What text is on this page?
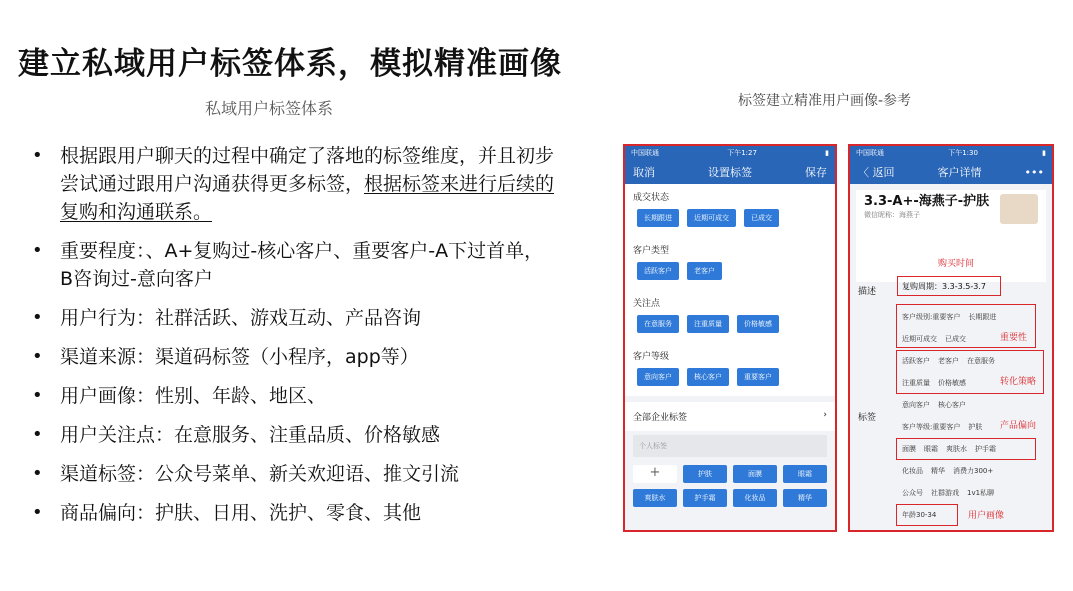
建立私域用户标签体系，模拟精准画像
私域用户标签体系	标签建立精准用户画像-参考
• 根据跟用户聊天的过程中确定了落地的标签维度，并且初步尝试通过跟用户沟通获得更多标签，根据标签来进行后续的复购和沟通联系。
• 重要程度：、A+复购过-核心客户、重要客户-A下过首单，B咨询过-意向客户
• 用户行为：社群活跃、游戏互动、产品咨询
• 渠道来源：渠道码标签（小程序，app等）
• 用户画像：性别、年龄、地区、
• 用户关注点：在意服务、注重品质、价格敏感
• 渠道标签：公众号菜单、新关欢迎语、推文引流
• 商品偏向：护肤、日用、洗护、零食、其他
中国联通	下午1:27	▮
取消	设置标签	保存
成交状态
长期跟进	近期可成交	已成交
客户类型
活跃客户	老客户
关注点
在意服务	注重质量	价格敏感
客户等级
意向客户	核心客户	重要客户
全部企业标签	›
个人标签
+	护肤	面膜	眼霜
爽肤水	护手霜	化妆品	精华
中国联通	下午1:30	▮
〈 返回	客户详情	•••
3.3-A+-海燕子-护肤
微信昵称：海燕子
购买时间
描述
复购周期：3.3-3.5-3.7
标签
客户级别:重要客户 长期跟进
近期可成交 已成交
活跃客户 老客户 在意服务
注重质量 价格敏感
意向客户 核心客户
客户等级:重要客户 护肤
面膜 眼霜 爽肤水 护手霜
化妆品 精华 消费力300+
公众号 社群游戏 1v1私聊
年龄30-34
重要性
转化策略
产品偏向
用户画像
